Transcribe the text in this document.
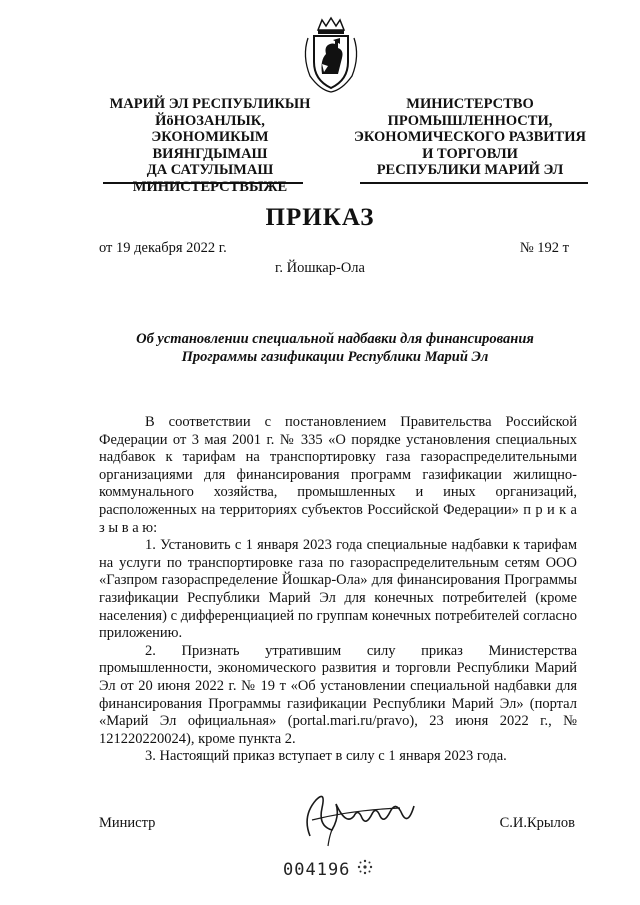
МАРИЙ ЭЛ РЕСПУБЛИКЫН
ЙӧНОЗАНЛЫК, ЭКОНОМИКЫМ
ВИЯНГДЫМАШ
ДА САТУЛЫМАШ
МИНИСТЕРСТВЫЖЕ
МИНИСТЕРСТВО
ПРОМЫШЛЕННОСТИ,
ЭКОНОМИЧЕСКОГО РАЗВИТИЯ
И ТОРГОВЛИ
РЕСПУБЛИКИ МАРИЙ ЭЛ
ПРИКАЗ
от 19 декабря 2022 г.	№ 192 т
г. Йошкар-Ола
Об установлении специальной надбавки для финансирования Программы газификации Республики Марий Эл

В соответствии с постановлением Правительства Российской Федерации от 3 мая 2001 г. № 335 «О порядке установления специальных надбавок к тарифам на транспортировку газа газораспределительными организациями для финансирования программ газификации жилищно-коммунального хозяйства, промышленных и иных организаций, расположенных на территориях субъектов Российской Федерации» п р и к а з ы в а ю:

1. Установить с 1 января 2023 года специальные надбавки к тарифам на услуги по транспортировке газа по газораспределительным сетям ООО «Газпром газораспределение Йошкар-Ола» для финансирования Программы газификации Республики Марий Эл для конечных потребителей (кроме населения) с дифференциацией по группам конечных потребителей согласно приложению.

2. Признать утратившим силу приказ Министерства промышленности, экономического развития и торговли Республики Марий Эл от 20 июня 2022 г. № 19 т «Об установлении специальной надбавки для финансирования Программы газификации Республики Марий Эл» (портал «Марий Эл официальная» (portal.mari.ru/pravo), 23 июня 2022 г., № 121220220024), кроме пункта 2.

3. Настоящий приказ вступает в силу с 1 января 2023 года.

Министр	С.И.Крылов
004196
